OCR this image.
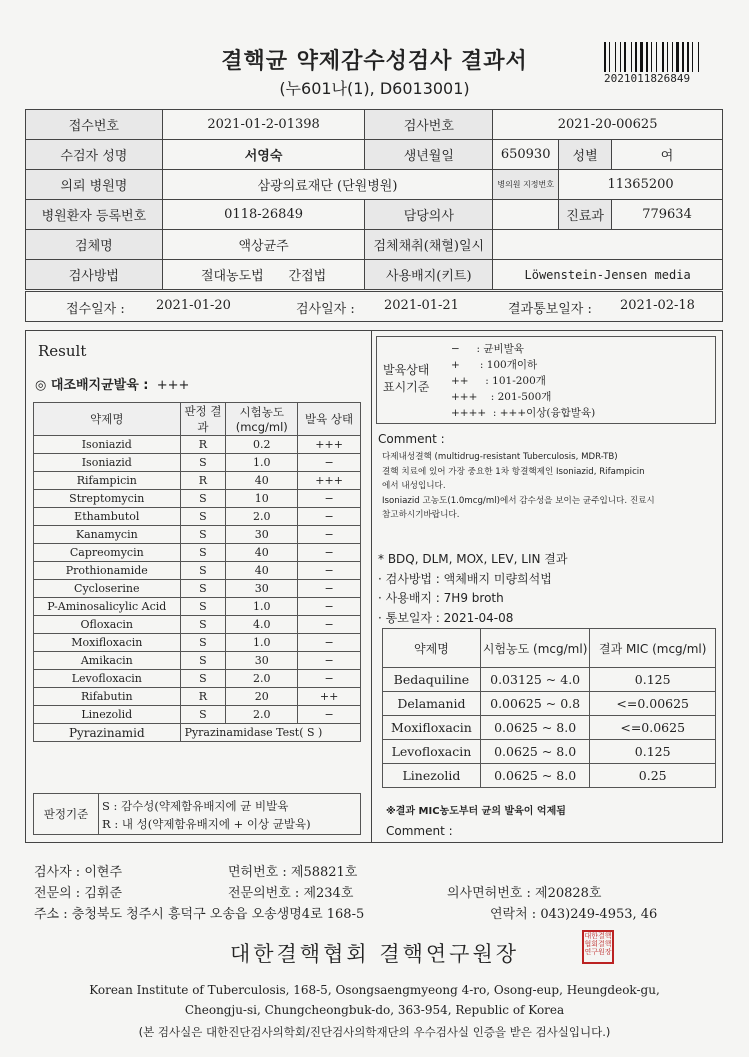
결핵균 약제감수성검사 결과서
(누601나(1), D6013001)
2021011826849
접수번호	2021-01-2-01398	검사번호	2021-20-00625		
수검자 성명	서영숙	생년월일	650930	성별	여
의뢰 병원명	삼광의료재단 (단원병원)		병의원 지정번호	11365200	
병원환자 등록번호	0118-26849	담당의사		진료과	779634
검체명	액상균주	검체채취(채혈)일시			
검사방법	절대농도법 간접법	사용배지(키트)	Löwenstein-Jensen media		
접수일자 : 2021-01-20	검사일자 : 2021-01-21	결과통보일자 : 2021-02-18
Result
◎ 대조배지균발육 : +++
약제명	판정 결과	시험농도 (mcg/ml)	발육 상태
Isoniazid	R	0.2	+++
Isoniazid	S	1.0	−
Rifampicin	R	40	+++
Streptomycin	S	10	−
Ethambutol	S	2.0	−
Kanamycin	S	30	−
Capreomycin	S	40	−
Prothionamide	S	40	−
Cycloserine	S	30	−
P-Aminosalicylic Acid	S	1.0	−
Ofloxacin	S	4.0	−
Moxifloxacin	S	1.0	−
Amikacin	S	30	−
Levofloxacin	S	2.0	−
Rifabutin	R	20	++
Linezolid	S	2.0	−
Pyrazinamid	Pyrazinamidase Test( S )		
판정기준
S : 감수성(약제함유배지에 균 비발육
R : 내 성(약제함유배지에 + 이상 균발육)
발육상태 표시기준
−     : 균비발육
+      : 100개이하
++     : 101-200개
+++    : 201-500개
++++  : +++이상(융합발육)
Comment :
다제내성결핵 (multidrug-resistant Tuberculosis, MDR-TB)
결핵 치료에 있어 가장 중요한 1차 항결핵제인 Isoniazid, Rifampicin
에서 내성입니다.
Isoniazid 고농도(1.0mcg/ml)에서 감수성을 보이는 균주입니다. 진료시
참고하시기바랍니다.
* BDQ, DLM, MOX, LEV, LIN 결과
· 검사방법 : 액체배지 미량희석법
· 사용배지 : 7H9 broth
· 통보일자 : 2021-04-08
약제명	시험농도 (mcg/ml)	결과 MIC (mcg/ml)
Bedaquiline	0.03125 ~ 4.0	0.125
Delamanid	0.00625 ~ 0.8	<=0.00625
Moxifloxacin	0.0625 ~ 8.0	<=0.0625
Levofloxacin	0.0625 ~ 8.0	0.125
Linezolid	0.0625 ~ 8.0	0.25
※결과 MIC농도부터 균의 발육이 억제됨
Comment :
검사자 : 이현주	면허번호 : 제58821호
전문의 : 김휘준	전문의번호 : 제234호	의사면허번호 : 제20828호
주소 : 충청북도 청주시 흥덕구 오송읍 오송생명4로 168-5	연락처 : 043)249-4953, 46
대한결핵협회 결핵연구원장
대한결핵협회결핵연구원장
Korean Institute of Tuberculosis, 168-5, Osongsaengmyeong 4-ro, Osong-eup, Heungdeok-gu,
Cheongju-si, Chungcheongbuk-do, 363-954, Republic of Korea
(본 검사실은 대한진단검사의학회/진단검사의학재단의 우수검사실 인증을 받은 검사실입니다.)
